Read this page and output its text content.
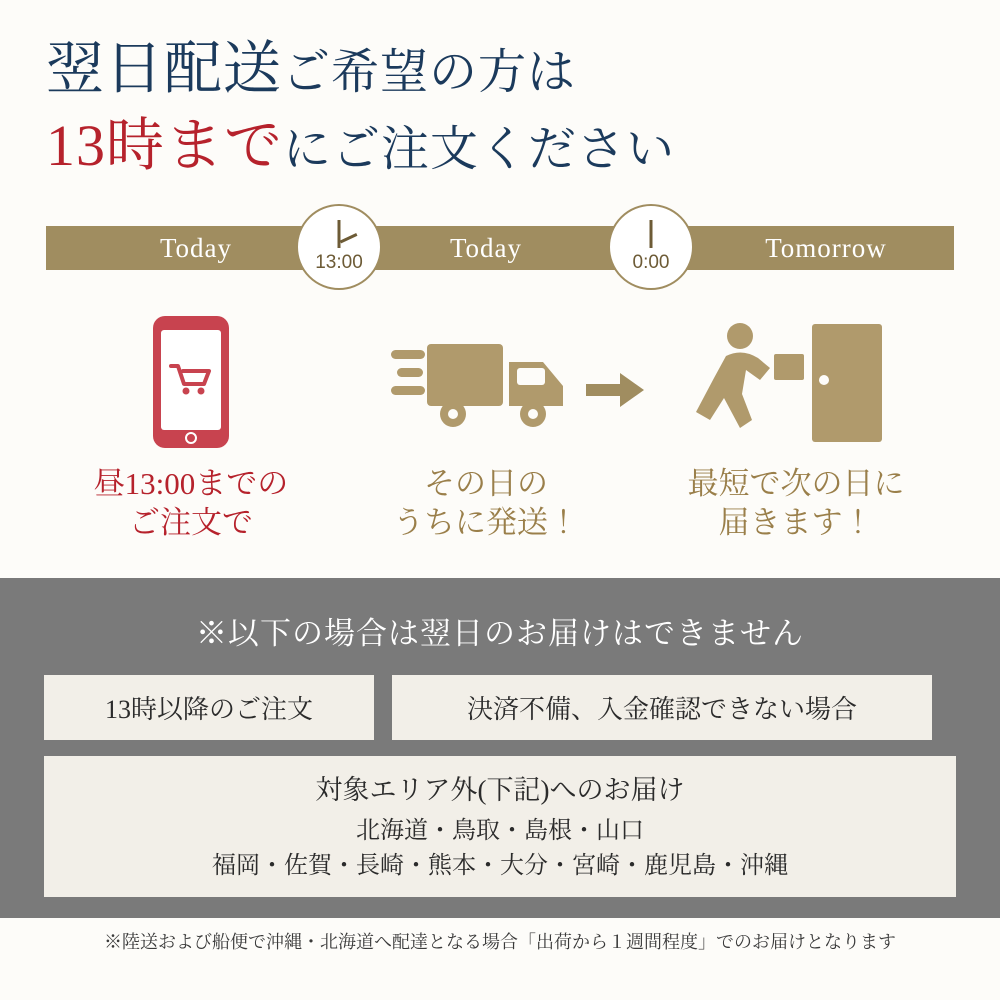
翌日配送ご希望の方は
13時までにご注文ください
Today	Today	Tomorrow
13:00	0:00
昼13:00までの
ご注文で
その日の
うちに発送！
最短で次の日に
届きます！
※以下の場合は翌日のお届けはできません
13時以降のご注文	決済不備、入金確認できない場合
対象エリア外(下記)へのお届け
北海道・鳥取・島根・山口
福岡・佐賀・長崎・熊本・大分・宮崎・鹿児島・沖縄
※陸送および船便で沖縄・北海道へ配達となる場合「出荷から１週間程度」でのお届けとなります
